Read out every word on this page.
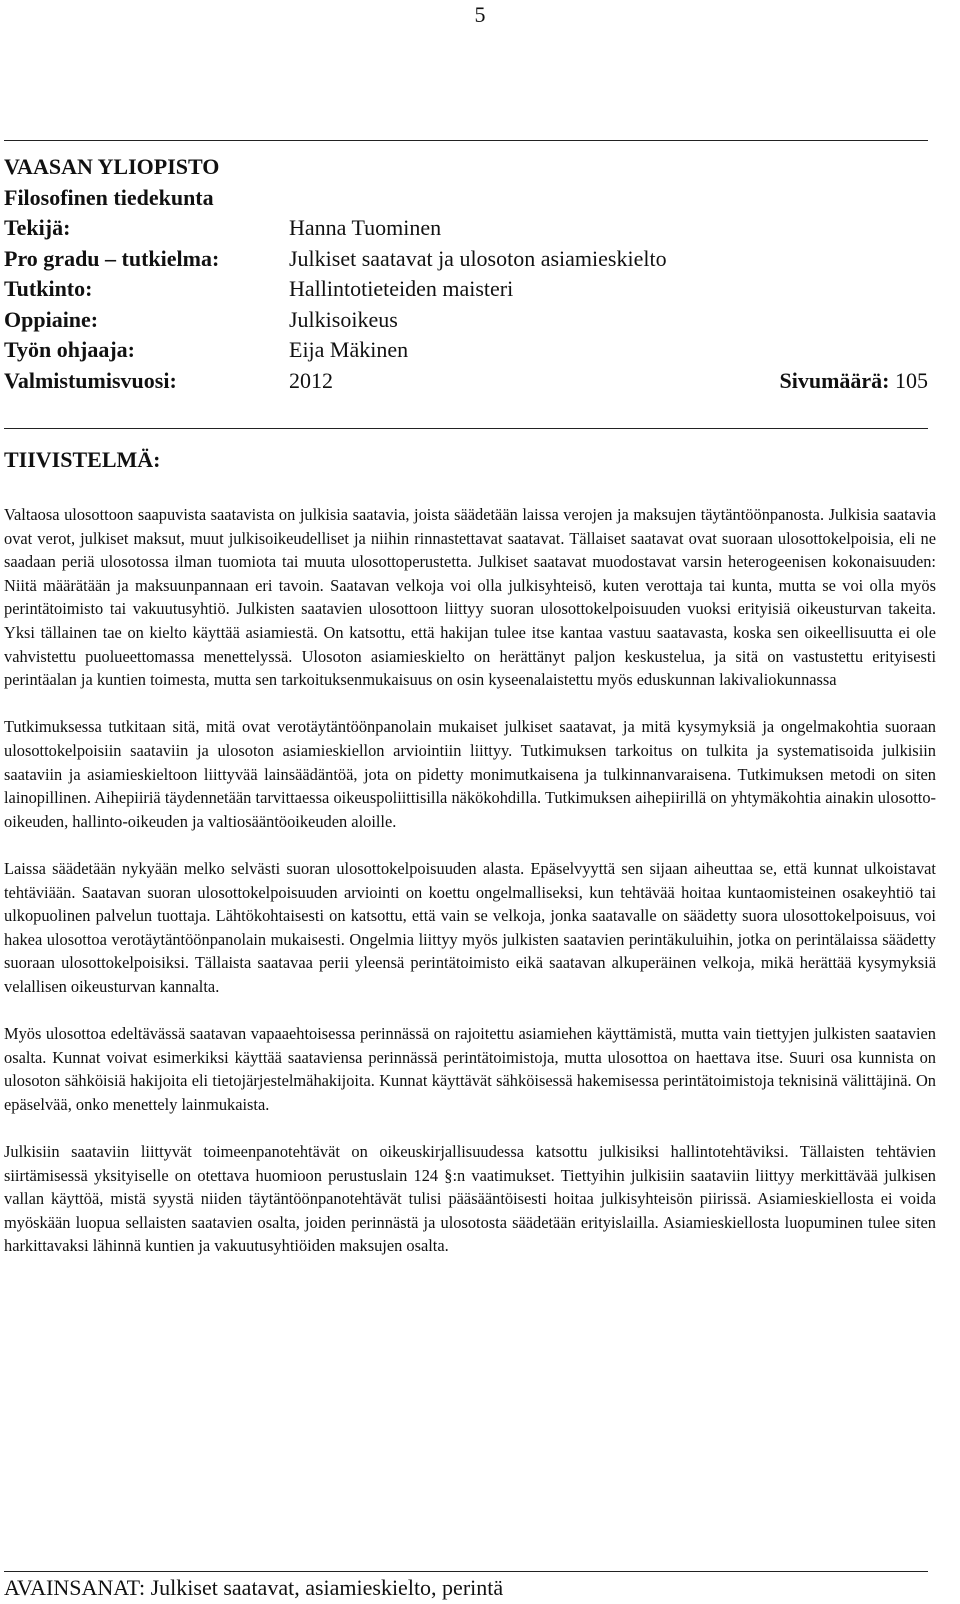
5
VAASAN YLIOPISTO
Filosofinen tiedekunta
Tekijä:	Hanna Tuominen
Pro gradu – tutkielma:	Julkiset saatavat ja ulosoton asiamieskielto
Tutkinto:	Hallintotieteiden maisteri
Oppiaine:	Julkisoikeus
Työn ohjaaja:	Eija Mäkinen
Valmistumisvuosi:	2012	Sivumäärä: 105
TIIVISTELMÄ:

Valtaosa ulosottoon saapuvista saatavista on julkisia saatavia, joista säädetään laissa verojen ja maksujen täytäntöönpanosta. Julkisia saatavia ovat verot, julkiset maksut, muut julkisoikeudelliset ja niihin rinnastettavat saatavat. Tällaiset saatavat ovat suoraan ulosottokelpoisia, eli ne saadaan periä ulosotossa ilman tuomiota tai muuta ulosottoperustetta. Julkiset saatavat muodostavat varsin heterogeenisen kokonaisuuden: Niitä määrätään ja maksuunpannaan eri tavoin. Saatavan velkoja voi olla julkisyhteisö, kuten verottaja tai kunta, mutta se voi olla myös perintätoimisto tai vakuutusyhtiö. Julkisten saatavien ulosottoon liittyy suoran ulosottokelpoisuuden vuoksi erityisiä oikeusturvan takeita. Yksi tällainen tae on kielto käyttää asiamiestä. On katsottu, että hakijan tulee itse kantaa vastuu saatavasta, koska sen oikeellisuutta ei ole vahvistettu puolueettomassa menettelyssä. Ulosoton asiamieskielto on herättänyt paljon keskustelua, ja sitä on vastustettu erityisesti perintäalan ja kuntien toimesta, mutta sen tarkoituksenmukaisuus on osin kyseenalaistettu myös eduskunnan lakivaliokunnassa

Tutkimuksessa tutkitaan sitä, mitä ovat verotäytäntöönpanolain mukaiset julkiset saatavat, ja mitä kysymyksiä ja ongelmakohtia suoraan ulosottokelpoisiin saataviin ja ulosoton asiamieskiellon arviointiin liittyy. Tutkimuksen tarkoitus on tulkita ja systematisoida julkisiin saataviin ja asiamieskieltoon liittyvää lainsäädäntöä, jota on pidetty monimutkaisena ja tulkinnanvaraisena. Tutkimuksen metodi on siten lainopillinen. Aihepiiriä täydennetään tarvittaessa oikeuspoliittisilla näkökohdilla. Tutkimuksen aihepiirillä on yhtymäkohtia ainakin ulosotto-oikeuden, hallinto-oikeuden ja valtiosääntöoikeuden aloille.

Laissa säädetään nykyään melko selvästi suoran ulosottokelpoisuuden alasta. Epäselvyyttä sen sijaan aiheuttaa se, että kunnat ulkoistavat tehtäviään. Saatavan suoran ulosottokelpoisuuden arviointi on koettu ongelmalliseksi, kun tehtävää hoitaa kuntaomisteinen osakeyhtiö tai ulkopuolinen palvelun tuottaja. Lähtökohtaisesti on katsottu, että vain se velkoja, jonka saatavalle on säädetty suora ulosottokelpoisuus, voi hakea ulosottoa verotäytäntöönpanolain mukaisesti. Ongelmia liittyy myös julkisten saatavien perintäkuluihin, jotka on perintälaissa säädetty suoraan ulosottokelpoisiksi. Tällaista saatavaa perii yleensä perintätoimisto eikä saatavan alkuperäinen velkoja, mikä herättää kysymyksiä velallisen oikeusturvan kannalta.

Myös ulosottoa edeltävässä saatavan vapaaehtoisessa perinnässä on rajoitettu asiamiehen käyttämistä, mutta vain tiettyjen julkisten saatavien osalta. Kunnat voivat esimerkiksi käyttää saataviensa perinnässä perintätoimistoja, mutta ulosottoa on haettava itse. Suuri osa kunnista on ulosoton sähköisiä hakijoita eli tietojärjestelmähakijoita. Kunnat käyttävät sähköisessä hakemisessa perintätoimistoja teknisinä välittäjinä. On epäselvää, onko menettely lainmukaista.

Julkisiin saataviin liittyvät toimeenpanotehtävät on oikeuskirjallisuudessa katsottu julkisiksi hallintotehtäviksi. Tällaisten tehtävien siirtämisessä yksityiselle on otettava huomioon perustuslain 124 §:n vaatimukset. Tiettyihin julkisiin saataviin liittyy merkittävää julkisen vallan käyttöä, mistä syystä niiden täytäntöönpanotehtävät tulisi pääsääntöisesti hoitaa julkisyhteisön piirissä. Asiamieskiellosta ei voida myöskään luopua sellaisten saatavien osalta, joiden perinnästä ja ulosotosta säädetään erityislailla. Asiamieskiellosta luopuminen tulee siten harkittavaksi lähinnä kuntien ja vakuutusyhtiöiden maksujen osalta.

AVAINSANAT: Julkiset saatavat, asiamieskielto, perintä
